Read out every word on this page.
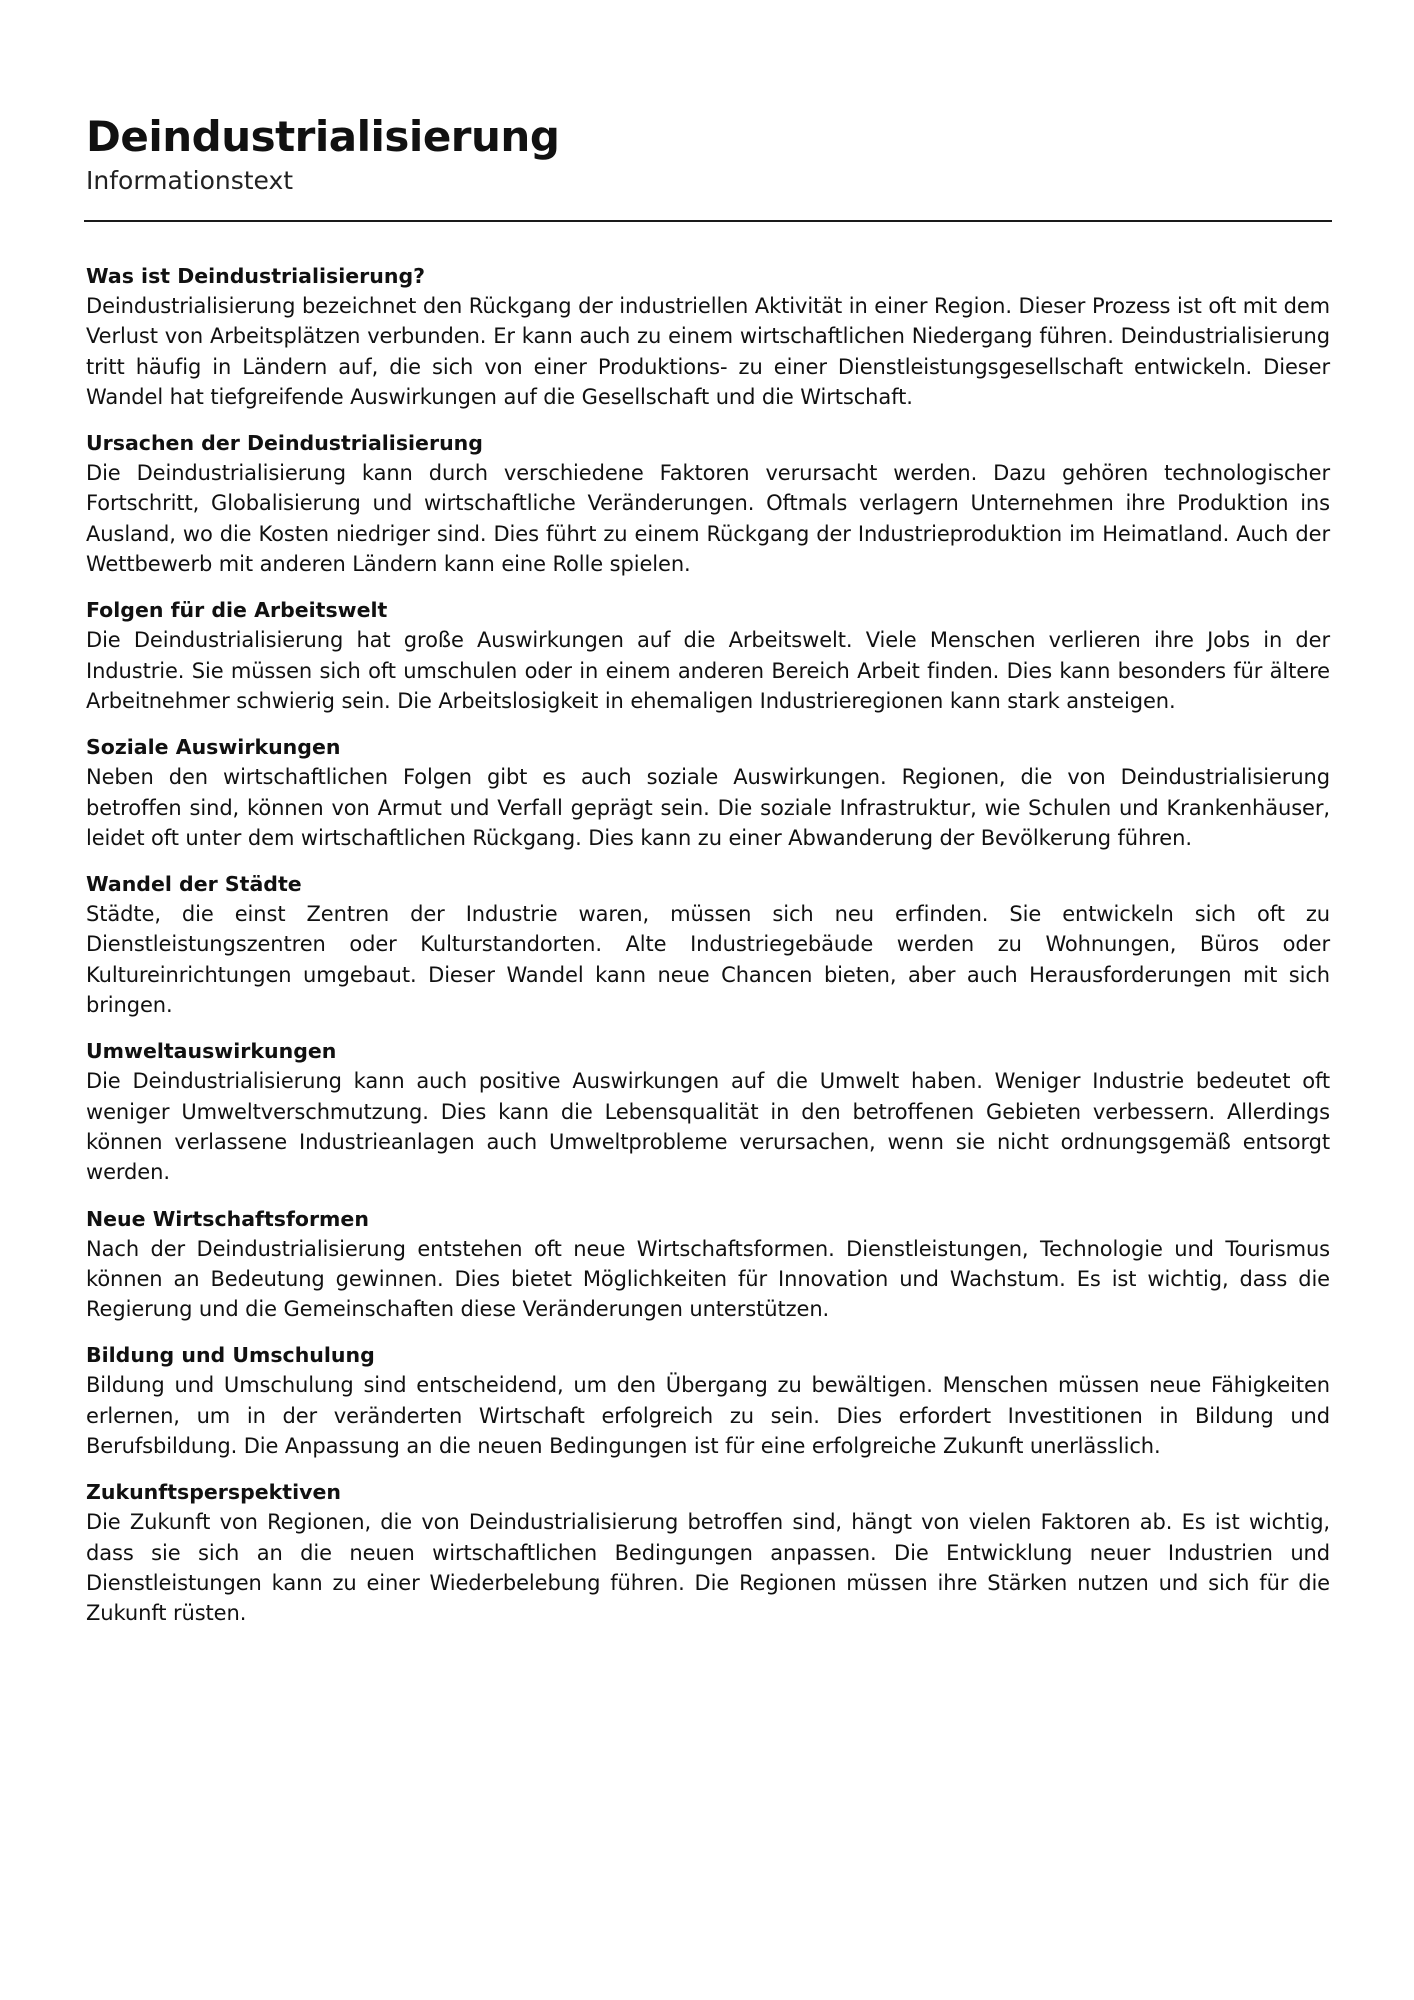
Deindustrialisierung
Informationstext
Was ist Deindustrialisierung?

Deindustrialisierung bezeichnet den Rückgang der industriellen Aktivität in einer Region. Dieser Prozess ist oft mit dem Verlust von Arbeitsplätzen verbunden. Er kann auch zu einem wirtschaftlichen Niedergang führen. Deindustrialisierung tritt häufig in Ländern auf, die sich von einer Produktions- zu einer Dienstleistungsgesellschaft entwickeln. Dieser Wandel hat tiefgreifende Auswirkungen auf die Gesellschaft und die Wirtschaft.

Ursachen der Deindustrialisierung

Die Deindustrialisierung kann durch verschiedene Faktoren verursacht werden. Dazu gehören technologischer Fortschritt, Globalisierung und wirtschaftliche Veränderungen. Oftmals verlagern Unternehmen ihre Produktion ins Ausland, wo die Kosten niedriger sind. Dies führt zu einem Rückgang der Industrieproduktion im Heimatland. Auch der Wettbewerb mit anderen Ländern kann eine Rolle spielen.

Folgen für die Arbeitswelt

Die Deindustrialisierung hat große Auswirkungen auf die Arbeitswelt. Viele Menschen verlieren ihre Jobs in der Industrie. Sie müssen sich oft umschulen oder in einem anderen Bereich Arbeit finden. Dies kann besonders für ältere Arbeitnehmer schwierig sein. Die Arbeitslosigkeit in ehemaligen Industrieregionen kann stark ansteigen.

Soziale Auswirkungen

Neben den wirtschaftlichen Folgen gibt es auch soziale Auswirkungen. Regionen, die von Deindustrialisierung betroffen sind, können von Armut und Verfall geprägt sein. Die soziale Infrastruktur, wie Schulen und Krankenhäuser, leidet oft unter dem wirtschaftlichen Rückgang. Dies kann zu einer Abwanderung der Bevölkerung führen.

Wandel der Städte

Städte, die einst Zentren der Industrie waren, müssen sich neu erfinden. Sie entwickeln sich oft zu Dienstleistungszentren oder Kulturstandorten. Alte Industriegebäude werden zu Wohnungen, Büros oder Kultureinrichtungen umgebaut. Dieser Wandel kann neue Chancen bieten, aber auch Herausforderungen mit sich bringen.

Umweltauswirkungen

Die Deindustrialisierung kann auch positive Auswirkungen auf die Umwelt haben. Weniger Industrie bedeutet oft weniger Umweltverschmutzung. Dies kann die Lebensqualität in den betroffenen Gebieten verbessern. Allerdings können verlassene Industrieanlagen auch Umweltprobleme verursachen, wenn sie nicht ordnungsgemäß entsorgt werden.

Neue Wirtschaftsformen

Nach der Deindustrialisierung entstehen oft neue Wirtschaftsformen. Dienstleistungen, Technologie und Tourismus können an Bedeutung gewinnen. Dies bietet Möglichkeiten für Innovation und Wachstum. Es ist wichtig, dass die Regierung und die Gemeinschaften diese Veränderungen unterstützen.

Bildung und Umschulung

Bildung und Umschulung sind entscheidend, um den Übergang zu bewältigen. Menschen müssen neue Fähigkeiten erlernen, um in der veränderten Wirtschaft erfolgreich zu sein. Dies erfordert Investitionen in Bildung und Berufsbildung. Die Anpassung an die neuen Bedingungen ist für eine erfolgreiche Zukunft unerlässlich.

Zukunftsperspektiven

Die Zukunft von Regionen, die von Deindustrialisierung betroffen sind, hängt von vielen Faktoren ab. Es ist wichtig, dass sie sich an die neuen wirtschaftlichen Bedingungen anpassen. Die Entwicklung neuer Industrien und Dienstleistungen kann zu einer Wiederbelebung führen. Die Regionen müssen ihre Stärken nutzen und sich für die Zukunft rüsten.
